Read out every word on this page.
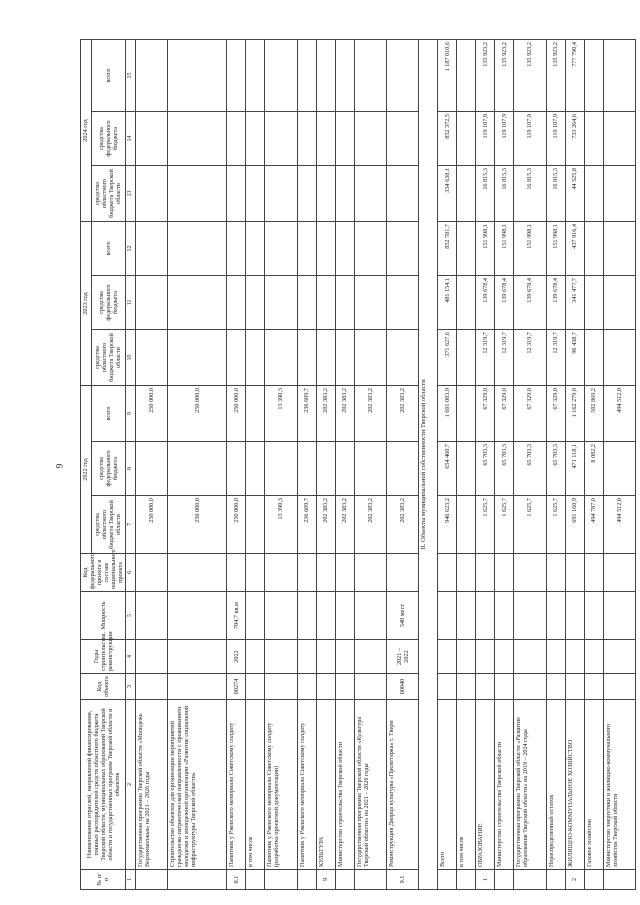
9
№ п/п	Наименование отраслей, направлений финансирования, главных распорядителей средств областного бюджета Тверской области, муниципальных образований Тверской области и государственных программ Тверской области и объектов	Код объекта	Годы строительства, реконструкции	Мощность	Код федерального проекта в составе национального проекта	2022 год			2023 год			2024 год		
						средства областного бюджета Тверской области	средства федерального бюджета	всего	средства областного бюджета Тверской области	средства федерального бюджета	всего	средства областного бюджета Тверской области	средства федерального бюджета	всего
1	2	3	4	5	6	7	8	9	10	11	12	13	14	15
	Государственная программа Тверской области «Молодежь Верхневолжья» на 2021 – 2026 годы					250 000,0		250 000,0						
	Строительство объектов для организации мероприятий гражданско-патриотической направленности с проживанием молодежи и молодежной организации «Развитие социальной инфраструктуры Тверской области»					250 000,0		250 000,0						
8.1	Памятник у Ржевского мемориала Советскому солдату	00274	2022	704,7 кв.м		250 000,0		250 000,0						
	в том числе													
	Памятник у Ржевского мемориала Советскому солдату (разработка проектной документации)					13 390,3		13 390,3						
	Памятник у Ржевского мемориала Советскому солдату					236 609,7		236 609,7						
9	КУЛЬТУРА					202 383,2		202 383,2						
	Министерство строительства Тверской области					202 383,2		202 383,2						
	Государственная программа Тверской области «Культура Тверской области» на 2021 – 2026 годы					202 383,2		202 383,2						
9.1	Реконструкция Дворца культуры «Пролетарка» г. Твери	00040	2021 – 2022	540 мест		202 383,2		202 383,2						
II. Объекты муниципальной собственности Тверской области														
	Всего					946 623,2	654 460,7	1 601 083,9	371 627,6	481 154,1	852 781,7	334 638,1	852 372,5	1 187 010,6
	в том числе													
1	ОБРАЗОВАНИЕ					1 625,7	65 703,3	67 329,0	12 319,7	139 678,4	151 998,1	16 815,3	119 107,9	135 923,2
	Министерство строительства Тверской области					1 625,7	65 703,3	67 329,0	12 319,7	139 678,4	151 998,1	16 815,3	119 107,9	135 923,2
	Государственная программа Тверской области «Развитие образования Тверской области» на 2019 – 2024 годы					1 625,7	65 703,3	67 329,0	12 319,7	139 678,4	151 998,1	16 815,3	119 107,9	135 923,2
	Нераспределенный остаток					1 625,7	65 703,3	67 329,0	12 319,7	139 678,4	151 998,1	16 815,3	119 107,9	135 923,2
2	ЖИЛИЩНО-КОММУНАЛЬНОЕ ХОЗЯЙСТВО					691 160,9	471 118,1	1 162 279,0	96 438,7	341 477,7	437 916,4	44 525,8	733 264,6	777 790,4
	Газовое хозяйство					494 787,0	8 082,2	502 869,2						
	Министерство энергетики и жилищно-коммунального хозяйства Тверской области					494 512,0		494 512,0						
